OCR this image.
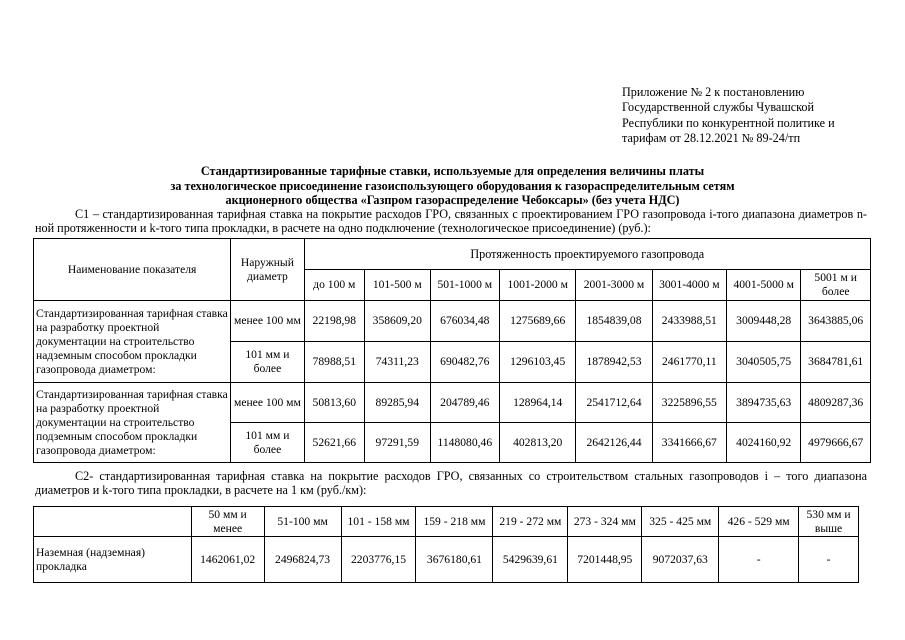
Приложение № 2 к постановлению
Государственной службы Чувашской
Республики по конкурентной политике и
тарифам от 28.12.2021 № 89-24/тп
Стандартизированные тарифные ставки, используемые для определения величины платы
за технологическое присоединение газоиспользующего оборудования к газораспределительным сетям
акционерного общества «Газпром газораспределение Чебоксары» (без учета НДС)
С1 – стандартизированная тарифная ставка на покрытие расходов ГРО, связанных с проектированием ГРО газопровода i-того диапазона диаметров n-ной протяженности и k-того типа прокладки, в расчете на одно подключение (технологическое присоединение) (руб.):
Наименование показателя	Наружный диаметр	Протяженность проектируемого газопровода							
		до 100 м	101-500 м	501-1000 м	1001-2000 м	2001-3000 м	3001-4000 м	4001-5000 м	5001 м и более
Стандартизированная тарифная ставка на разработку проектной документации на строительство надземным способом прокладки газопровода диаметром:	менее 100 мм	22198,98	358609,20	676034,48	1275689,66	1854839,08	2433988,51	3009448,28	3643885,06
	101 мм и более	78988,51	74311,23	690482,76	1296103,45	1878942,53	2461770,11	3040505,75	3684781,61
Стандартизированная тарифная ставка на разработку проектной документации на строительство подземным способом прокладки газопровода диаметром:	менее 100 мм	50813,60	89285,94	204789,46	128964,14	2541712,64	3225896,55	3894735,63	4809287,36
	101 мм и более	52621,66	97291,59	1148080,46	402813,20	2642126,44	3341666,67	4024160,92	4979666,67
С2- стандартизированная тарифная ставка на покрытие расходов ГРО, связанных со строительством стальных газопроводов i – того диапазона диаметров и k-того типа прокладки, в расчете на 1 км (руб./км):
	50 мм и менее	51-100 мм	101 - 158 мм	159 - 218 мм	219 - 272 мм	273 - 324 мм	325 - 425 мм	426 - 529 мм	530 мм и выше
Наземная (надземная) прокладка	1462061,02	2496824,73	2203776,15	3676180,61	5429639,61	7201448,95	9072037,63	-	-
